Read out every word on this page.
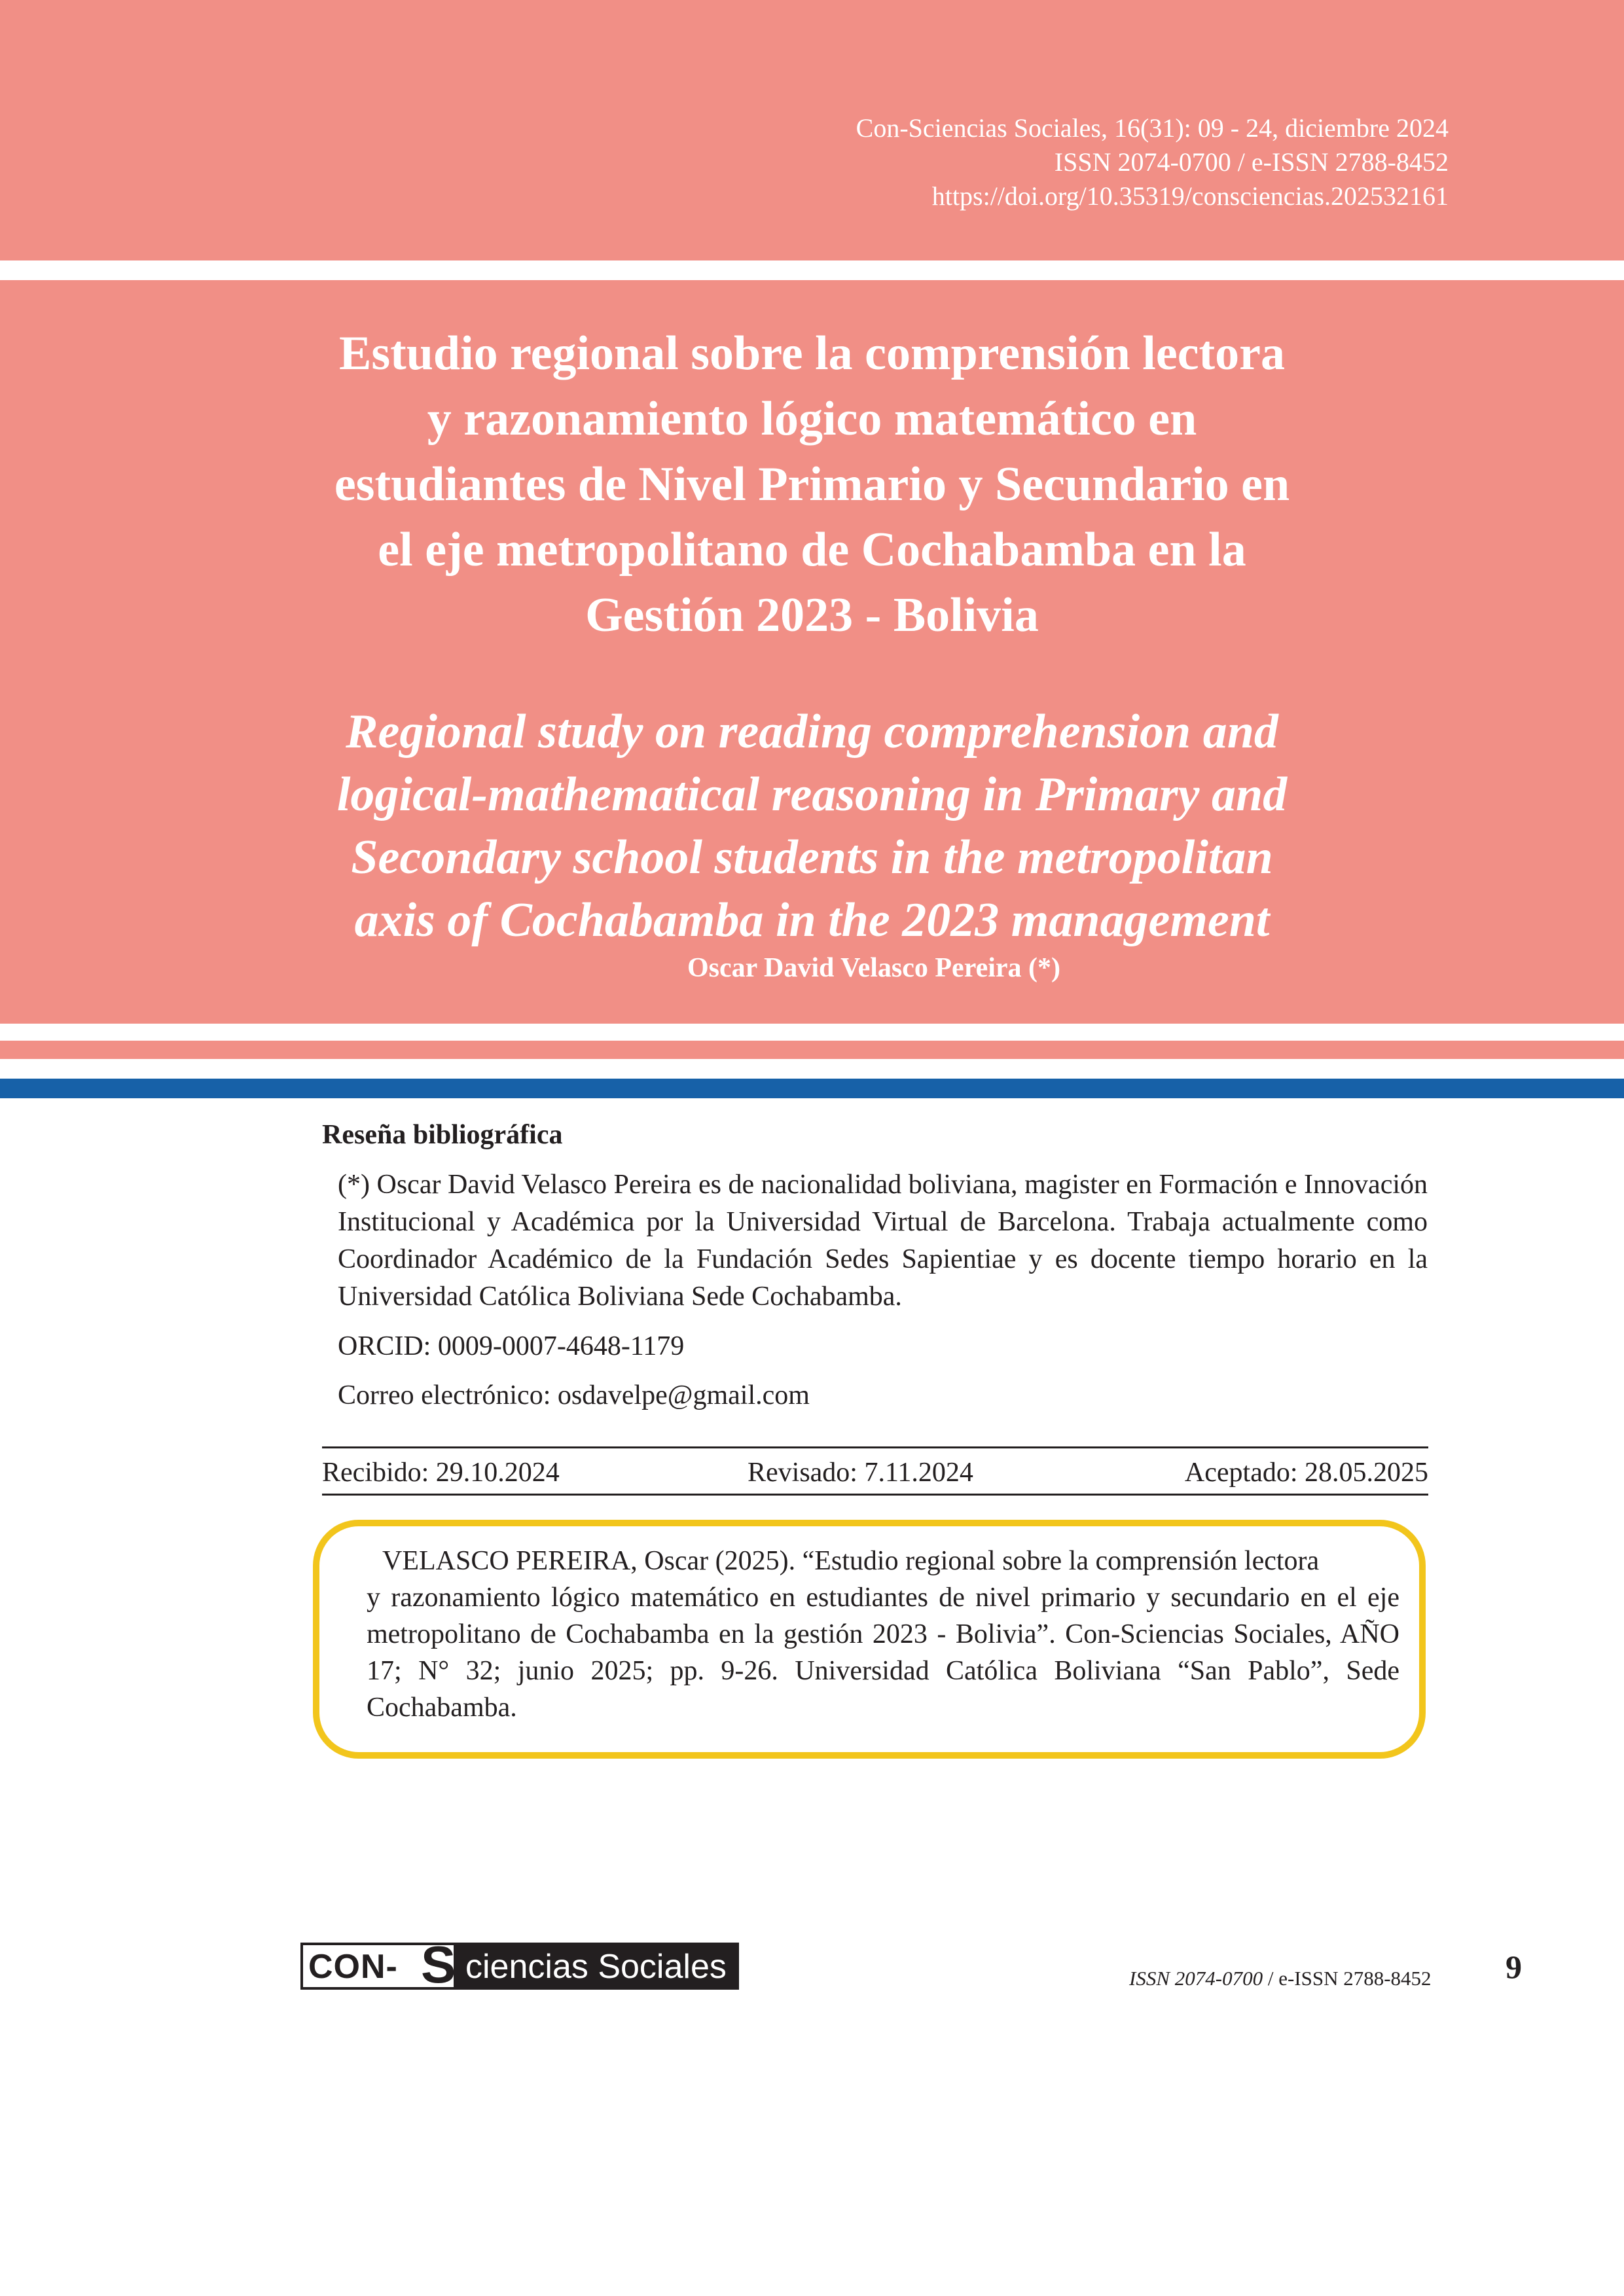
Con-Sciencias Sociales, 16(31): 09 - 24, diciembre 2024
ISSN 2074-0700 / e-ISSN 2788-8452
https://doi.org/10.35319/consciencias.202532161
Estudio regional sobre la comprensión lectora
y razonamiento lógico matemático en
estudiantes de Nivel Primario y Secundario en
el eje metropolitano de Cochabamba en la
Gestión 2023 - Bolivia
Regional study on reading comprehension and
logical-mathematical reasoning in Primary and
Secondary school students in the metropolitan
axis of Cochabamba in the 2023 management
Oscar David Velasco Pereira (*)
Reseña bibliográfica
(*) Oscar David Velasco Pereira es de nacionalidad boliviana, magister en Formación e Innovación Institucional y Académica por la Universidad Virtual de Barcelona. Trabaja actualmente como Coordinador Académico de la Fundación Sedes Sapientiae y es docente tiempo horario en la Universidad Católica Boliviana Sede Cochabamba.
ORCID: 0009-0007-4648-1179
Correo electrónico: osdavelpe@gmail.com
Recibido: 29.10.2024	Revisado: 7.11.2024	Aceptado: 28.05.2025
VELASCO PEREIRA, Oscar (2025). “Estudio regional sobre la comprensión lectora
y razonamiento lógico matemático en estudiantes de nivel primario y secundario en el eje metropolitano de Cochabamba en la gestión 2023 - Bolivia”. Con-Sciencias Sociales, AÑO 17; N° 32; junio 2025; pp. 9-26. Universidad Católica Boliviana “San Pablo”, Sede Cochabamba.
CON- S ciencias Sociales	ISSN 2074-0700 / e-ISSN 2788-8452 9
